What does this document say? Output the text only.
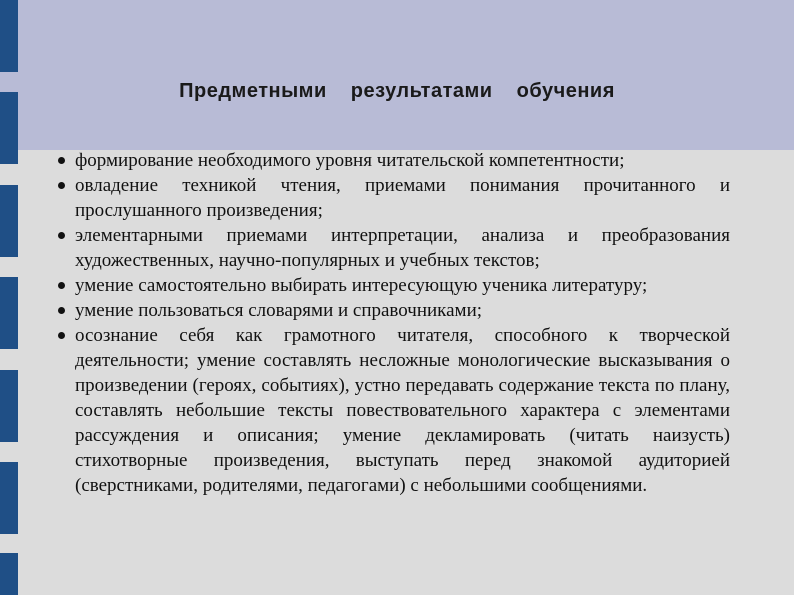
Предметными результатами обучения
формирование необходимого уровня читательской компетентности;
овладение техникой чтения, приемами понимания прочитанного и прослушанного произведения;
элементарными приемами интерпретации, анализа и преобразования художественных, научно-популярных и учебных текстов;
умение самостоятельно выбирать интересующую ученика литературу;
умение пользоваться словарями и справочниками;
осознание себя как грамотного читателя, способного к творческой деятельности; умение составлять несложные монологические высказывания о произведении (героях, событиях), устно передавать содержание текста по плану, составлять небольшие тексты повествовательного характера с элементами рассуждения и описания; умение декламировать (читать наизусть) стихотворные произведения, выступать перед знакомой аудиторией (сверстниками, родителями, педагогами) с небольшими сообщениями.
